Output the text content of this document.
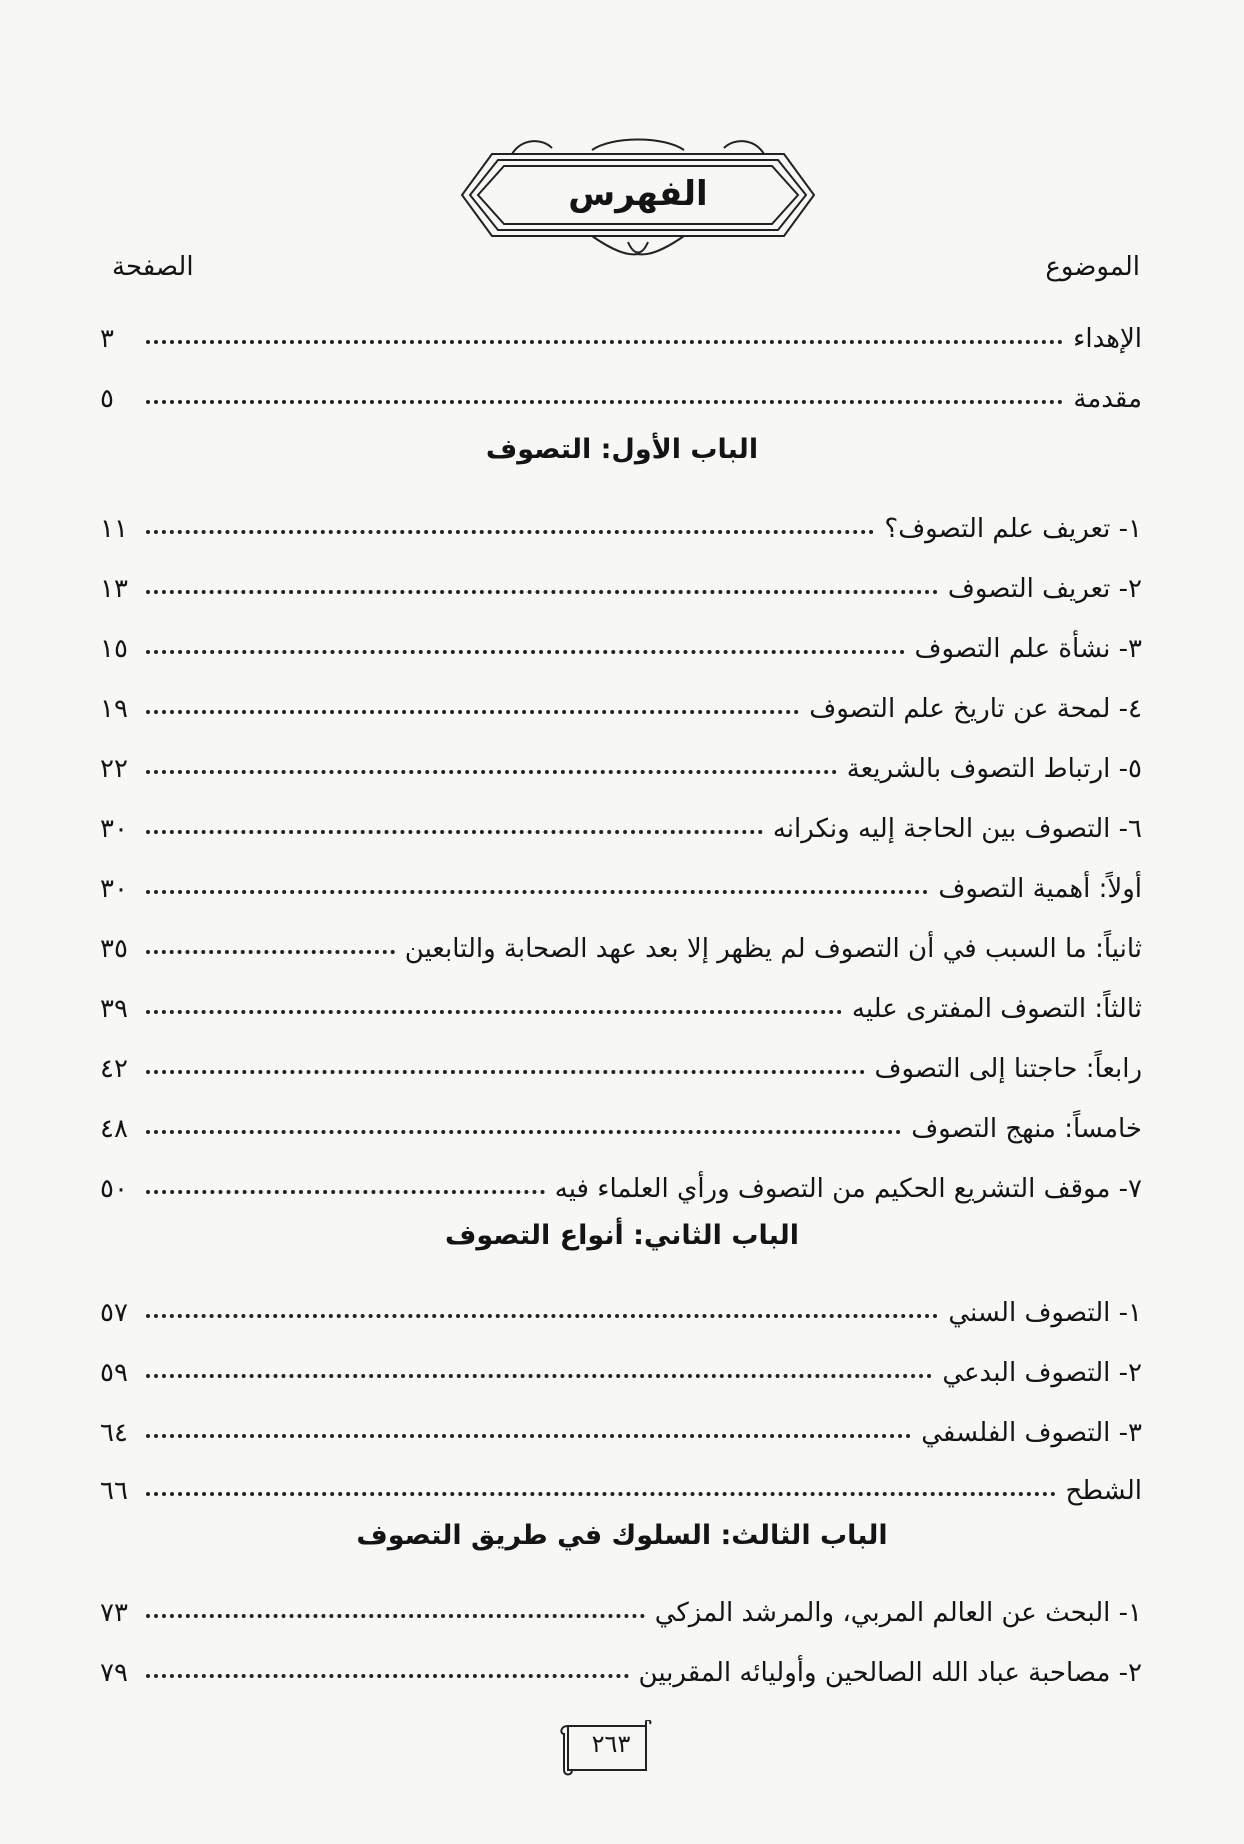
الفهرس
الموضوع
الصفحة
الإهداء
٣
مقدمة
٥
الباب الأول: التصوف
الباب الثاني: أنواع التصوف
الباب الثالث: السلوك في طريق التصوف
٢٦٣
١- تعريف علم التصوف؟
١١
٢- تعريف التصوف
١٣
٣- نشأة علم التصوف
١٥
٤- لمحة عن تاريخ علم التصوف
١٩
٥- ارتباط التصوف بالشريعة
٢٢
٦- التصوف بين الحاجة إليه ونكرانه
٣٠
أولاً: أهمية التصوف
٣٠
ثانياً: ما السبب في أن التصوف لم يظهر إلا بعد عهد الصحابة والتابعين
٣٥
ثالثاً: التصوف المفترى عليه
٣٩
رابعاً: حاجتنا إلى التصوف
٤٢
خامساً: منهج التصوف
٤٨
٧- موقف التشريع الحكيم من التصوف ورأي العلماء فيه
٥٠
١- التصوف السني
٥٧
٢- التصوف البدعي
٥٩
٣- التصوف الفلسفي
٦٤
الشطح
٦٦
١- البحث عن العالم المربي، والمرشد المزكي
٧٣
٢- مصاحبة عباد الله الصالحين وأوليائه المقربين
٧٩
